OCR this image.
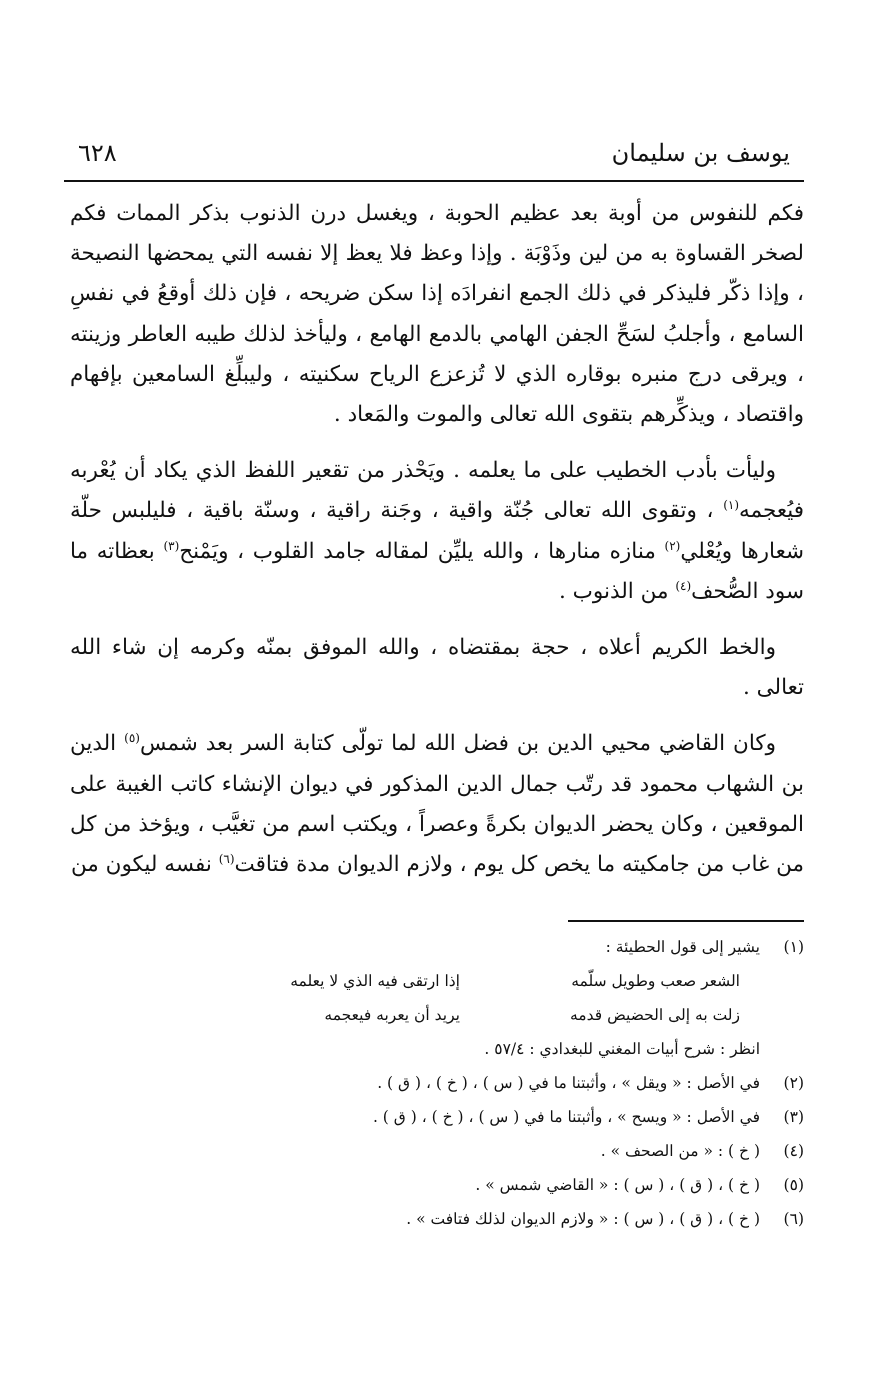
يوسف بن سليمان
٦٢٨

فكم للنفوس من أوبة بعد عظيم الحوبة ، ويغسل درن الذنوب بذكر الممات فكم لصخر القساوة به من لين وذَوْبَة . وإذا وعظ فلا يعظ إلا نفسه التي يمحضها النصيحة ، وإذا ذكّر فليذكر في ذلك الجمع انفرادَه إذا سكن ضريحه ، فإن ذلك أوقعُ في نفسِ السامع ، وأجلبُ لسَحِّ الجفن الهامي بالدمع الهامع ، وليأخذ لذلك طيبه العاطر وزينته ، ويرقى درج منبره بوقاره الذي لا تُزعزع الرياح سكنيته ، وليبلِّغ السامعين بإفهام واقتصاد ، ويذكِّرهم بتقوى الله تعالى والموت والمَعاد .

وليأت بأدب الخطيب على ما يعلمه . ويَحْذر من تقعير اللفظ الذي يكاد أن يُعْربه فيُعجمه$^{(١)}$ ، وتقوى الله تعالى جُنّة واقية ، وجَنة راقية ، وسنّة باقية ، فليلبس حلّة شعارها ويُعْلي$^{(٢)}$ منازه منارها ، والله يليِّن لمقاله جامد القلوب ، ويَمْنح$^{(٣)}$ بعظاته ما سود الصُّحف$^{(٤)}$ من الذنوب .

والخط الكريم أعلاه ، حجة بمقتضاه ، والله الموفق بمنّه وكرمه إن شاء الله تعالى .

وكان القاضي محيي الدين بن فضل الله لما تولّى كتابة السر بعد شمس$^{(٥)}$ الدين بن الشهاب محمود قد رتّب جمال الدين المذكور في ديوان الإنشاء كاتب الغيبة على الموقعين ، وكان يحضر الديوان بكرةً وعصراً ، ويكتب اسم من تغيَّب ، ويؤخذ من كل من غاب من جامكيته ما يخص كل يوم ، ولازم الديوان مدة فتاقت$^{(٦)}$ نفسه ليكون من

(١)
يشير إلى قول الحطيئة :
الشعر صعب وطويل سلّمه
إذا ارتقى فيه الذي لا يعلمه
زلت به إلى الحضيض قدمه
يريد أن يعربه فيعجمه
انظر : شرح أبيات المغني للبغدادي : ٥٧/٤ .
(٢)
في الأصل : « ويقل » ، وأثبتنا ما في ( س ) ، ( خ ) ، ( ق ) .
(٣)
في الأصل : « ويسح » ، وأثبتنا ما في ( س ) ، ( خ ) ، ( ق ) .
(٤)
( خ ) : « من الصحف » .
(٥)
( خ ) ، ( ق ) ، ( س ) : « القاضي شمس » .
(٦)
( خ ) ، ( ق ) ، ( س ) : « ولازم الديوان لذلك فتافت » .
